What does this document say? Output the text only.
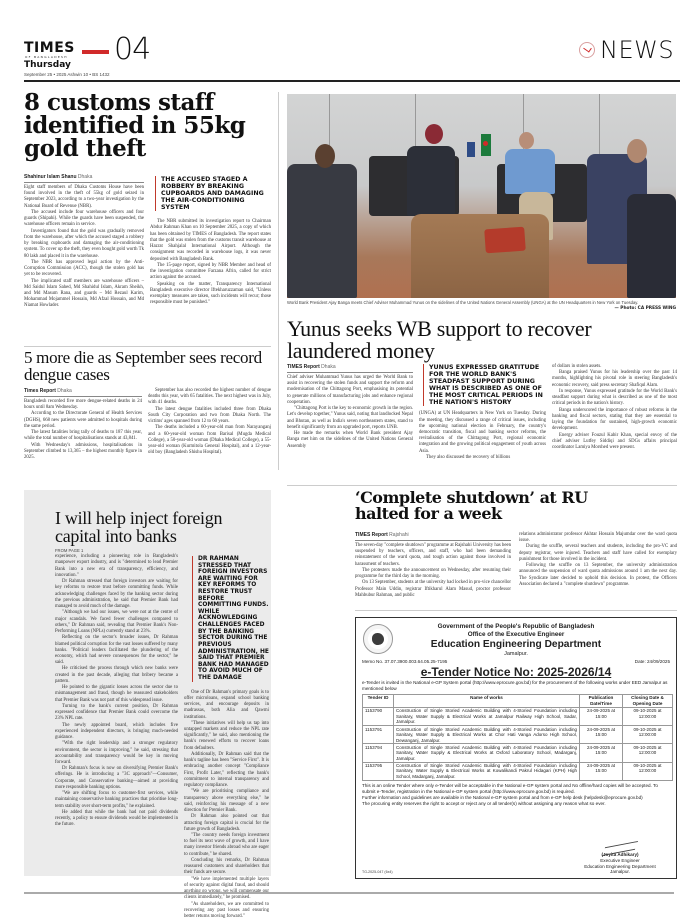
TIMES
OF BANGLADESH
Thursday
September 25 • 2025 Ashwin 10 • BS 1432
04	NEWS
8 customs staff identified in 55kg gold theft
Shahinur Islam Shanu Dhaka

Eight staff members of Dhaka Customs House have been found involved in the theft of 55kg of gold seized in September 2023, according to a two-year investigation by the National Board of Revenue (NBR).

The accused include four warehouse officers and four guards (Shipahi). While the guards have been suspended, the warehouse officers remain in service.

Investigators found that the gold was gradually removed from the warehouse, after which the accused staged a robbery by breaking cupboards and damaging the air-conditioning system. To cover up the theft, they even bought gold worth Tk 80 lakh and placed it in the warehouse.

The NBR has approved legal action by the Anti-Corruption Commission (ACC), though the stolen gold has yet to be recovered.

The implicated staff members are warehouse officers – Md Saidul Islam Sahed, Md Shahidul Islam, Akram Sheikh, and Md Masum Rana, and guards – Md Rezaul Karim, Mohammad Mojammel Hossain, Md Afzal Hossain, and Md Niamat Howlader.

THE ACCUSED STAGED A ROBBERY BY BREAKING CUPBOARDS AND DAMAGING THE AIR-CONDITIONING SYSTEM

The NBR submitted its investigation report to Chairman Abdur Rahman Khan on 10 September 2025, a copy of which has been obtained by TIMES of Bangladesh. The report states that the gold was stolen from the customs transit warehouse at Hazrat Shahjalal International Airport. Although the consignment was recorded in warehouse logs, it was never deposited with Bangladesh Bank.

The 15-page report, signed by NBR Member and head of the investigation committee Farzana Afrin, called for strict action against the accused.

Speaking on the matter, Transparency International Bangladesh executive director Iftekharuzzaman said, "Unless exemplary measures are taken, such incidents will recur; those responsible must be punished."

5 more die as September sees record dengue cases
Times Report Dhaka

Bangladesh recorded five more dengue-related deaths in 24 hours until 8am Wednesday.

According to the Directorate General of Health Services (DGHS), 668 new patients were admitted to hospitals during the same period.

The latest fatalities bring tally of deaths to 187 this year, while the total number of hospitalisations stands at 43,841.

With Wednesday's admissions, hospitalisations in September climbed to 13,365 – the highest monthly figure in 2025.

September has also recorded the highest number of dengue deaths this year, with 65 fatalities. The next highest was in July, with 41 deaths.

The latest dengue fatalities included three from Dhaka South City Corporation and two from Dhaka North. The victims' ages spanned from 12 to 60 years.

The deaths included a 60-year-old man from Narayanganj and a 60-year-old woman from Barisal (Mugda Medical College), a 50-year-old woman (Dhaka Medical College), a 55-year-old woman (Kurmitola General Hospital), and a 12-year-old boy (Bangladesh Shishu Hospital).

World Bank President Ajay Banga meets Chief Adviser Muhammad Yunus on the sidelines of the United Nations General Assembly (UNGA) at the UN Headquarters in New York on Tuesday.
— Photo: CA PRESS WING
Yunus seeks WB support to recover laundered money
TIMES Report Dhaka

Chief adviser Muhammad Yunus has urged the World Bank to assist in recovering the stolen funds and support the reform and modernisation of the Chittagong Port, emphasising its potential to generate millions of manufacturing jobs and enhance regional cooperation.

"Chittagong Port is the key to economic growth in the region. Let's develop together," Yunus said, noting that landlocked Nepal and Bhutan, as well as India's seven northeastern states, stand to benefit significantly from an upgraded port, reports UNB.

He made the remarks when World Bank president Ajay Banga met him on the sidelines of the United Nations General Assembly

YUNUS EXPRESSED GRATITUDE FOR THE WORLD BANK'S STEADFAST SUPPORT DURING WHAT IS DESCRIBED AS ONE OF THE MOST CRITICAL PERIODS IN THE NATION'S HISTORY

(UNGA) at UN Headquarters in New York on Tuesday. During the meeting, they discussed a range of critical issues, including the upcoming national election in February, the country's democratic transition, fiscal and banking sector reforms, the revitalisation of the Chittagong Port, regional economic integration and the growing political engagement of youth across Asia.

They also discussed the recovery of billions

of dollars in stolen assets.

Banga praised Yunus for his leadership over the past 14 months, highlighting his pivotal role in steering Bangladesh's economic recovery, said press secretary Shafiqul Alam.

In response, Yunus expressed gratitude for the World Bank's steadfast support during what is described as one of the most critical periods in the nation's history.

Banga underscored the importance of robust reforms in the banking and fiscal sectors, stating that they are essential to laying the foundation for sustained, high-growth economic development.

Energy adviser Fouzul Kabir Khan, special envoy of the chief adviser Lutfey Siddiqi and SDGs affairs principal coordinator Lamiya Morshed were present.

I will help inject foreign capital into banks
FROM PAGE 1

experience, including a pioneering role in Bangladesh's manpower export industry, and is "determined to lead Premier Bank into a new era of transparency, efficiency, and innovation."

Dr Rahman stressed that foreign investors are waiting for key reforms to restore trust before committing funds. While acknowledging challenges faced by the banking sector during the previous administration, he said that Premier Bank had managed to avoid much of the damage.

"Although we had our issues, we were not at the centre of major scandals. We faced fewer challenges compared to others," Dr Rahman said, revealing that Premier Bank's Non-Performing Loans (NPLs) currently stand at 23%.

Reflecting on the sector's broader issues, Dr Rahman blamed political corruption for the vast losses suffered by many banks. "Political leaders facilitated the plundering of the economy, which had severe consequences for the sector," he said.

He criticised the process through which new banks were created in the past decade, alleging that bribery became a pattern.

He pointed to the gigantic losses across the sector due to mismanagement and fraud, though he reassured stakeholders that Premier Bank was not part of this widespread issue.

Turning to the bank's current position, Dr Rahman expressed confidence that Premier Bank could overcome the 23% NPL rate.

The newly appointed board, which includes five experienced independent directors, is bringing much-needed guidance.

"With the right leadership and a stronger regulatory environment, the sector is improving," he said, stressing that accountability and transparency would be key in moving forward.

Dr Rahman's focus is now on diversifying Premier Bank's offerings. He is introducing a "3C approach"—Consumer, Corporate, and Conservative banking—aimed at providing more responsible banking options.

"We are shifting focus to customer-first services, while maintaining conservative banking practices that prioritise long-term stability over short-term profits," he explained.

He added that while the bank had not paid dividends recently, a policy to ensure dividends would be implemented in the future.

DR RAHMAN STRESSED THAT FOREIGN INVESTORS ARE WAITING FOR KEY REFORMS TO RESTORE TRUST BEFORE COMMITTING FUNDS. WHILE ACKNOWLEDGING CHALLENGES FACED BY THE BANKING SECTOR DURING THE PREVIOUS ADMINISTRATION, HE SAID THAT PREMIER BANK HAD MANAGED TO AVOID MUCH OF THE DAMAGE

One of Dr Rahman's primary goals is to offer microloans, expand school banking services, and encourage deposits in madrassas, both Alia and Qawmi institutions.

"These initiatives will help us tap into untapped markets and reduce the NPL rate significantly," he said, also mentioning the bank's renewed efforts to recover loans from defaulters.

Additionally, Dr Rahman said that the bank's tagline has been "Service First". It is embracing another concept "Compliance First, Profit Later," reflecting the bank's commitment to internal transparency and regulatory compliance.

"We are prioritising compliance and transparency above everything else," he said, reinforcing his message of a new direction for Premier Bank.

Dr Rahman also pointed out that attracting foreign capital is crucial for the future growth of Bangladesh.

"The country needs foreign investment to fuel its next wave of growth, and I have many investor friends abroad who are eager to contribute," he shared.

Concluding his remarks, Dr Rahman reassured customers and shareholders that their funds are secure.

"We have implemented multiple layers of security against digital fraud, and should clients immediately," he promised.

"As shareholders, we are committed to recovering any past losses and ensuring better returns moving forward."

‘Complete shutdown’ at RU halted for a week
TIMES Report Rajshahi

The seven-day "complete shutdown" programme at Rajshahi University has been suspended by teachers, officers, and staff, who had been demanding reinstatement of the ward quota, and tough action against those involved in harassment of teachers.

The protesters made the announcement on Wednesday, after resuming their programme for the third day in the morning.

On 13 September, students at the university had locked in pro-vice chancellor Professor Main Uddin, registrar Iftikharul Alam Masud, proctor professor Mahbubur Rahman, and public

relations administrator professor Akhtar Hossain Majumdar over the ward quota issue.

During the scuffle, several teachers and students, including the pro-VC and deputy registrar, were injured. Teachers and staff have called for exemplary punishment for those involved in the incident.

Following the scuffle on 13 September, the university administration announced the suspension of ward quota admissions around 1 am the next day. The Syndicate later decided to uphold this decision. In protest, the Officers Association declared a "complete shutdown" programme.

Government of the People's Republic of Bangladesh
Office of the Executive Engineer
Education Engineering Department
Jamalpur.
Memo No. 37.07.3900.003.64.05.25-7195	Date: 24/09/2025
e-Tender Notice No: 2025-2026/14
e-Tender is invited in the National e-GP System portal (http://www.eprocure.gov.bd) for the procurement of the following works under EED Jamalpur as mentioned below
Tender ID	Name of works	Publication Date/Time	Closing Date & Opening Date
1153790	Construction of Single Storied Academic Building with 4-Storied Foundation including Sanitary, Water Supply & Electrical Works at Jamalpur Railway High School, Sadar, Jamalpur.	24-09-2025 at 15:00	09-10-2025 at 12:00:00
1153791	Construction of Single Storied Academic Building with 4-Storied Foundation including Sanitary, Water Supply & Electrical Works at Chor Hati Vanga Adorso High School, Dewanganj, Jamalpur.	24-09-2025 at 15:00	09-10-2025 at 12:00:00
1153794	Construction of Single Storied Academic Building with 4-Storied Foundation including Sanitary, Water Supply & Electrical Works at Oxford Laboratory School, Madarganj, Jamalpur.	24-09-2025 at 15:00	09-10-2025 at 12:00:00
1153795	Construction of Single Storied Academic Building with 4-Storied Foundation including Sanitary, Water Supply & Electrical Works at Kowalikandi Pakrul Hidagari (KPH) High School, Madarganj, Jamalpur.	24-09-2025 at 15:00	09-10-2025 at 12:00:00
This is an online Tender where only e-Tender will be acceptable in the National e-GP system portal and No offline/hard copies will be accepted. To submit e-Tender, registration in the National e-GP system portal (http://www.eprocure.gov.bd) is required.
Further information and guidelines are available in the National e-GP system portal and from e-GP help desk (helpdesk@eprocure.gov.bd)
The procuring entity reserves the right to accept or reject any or all tender(s) without assigning any reason what so ever.
TG-2025-047 (6x4)
(Joyita Adhikary)
Executive Engineer
Education Engineering Department
Jamalpur.
